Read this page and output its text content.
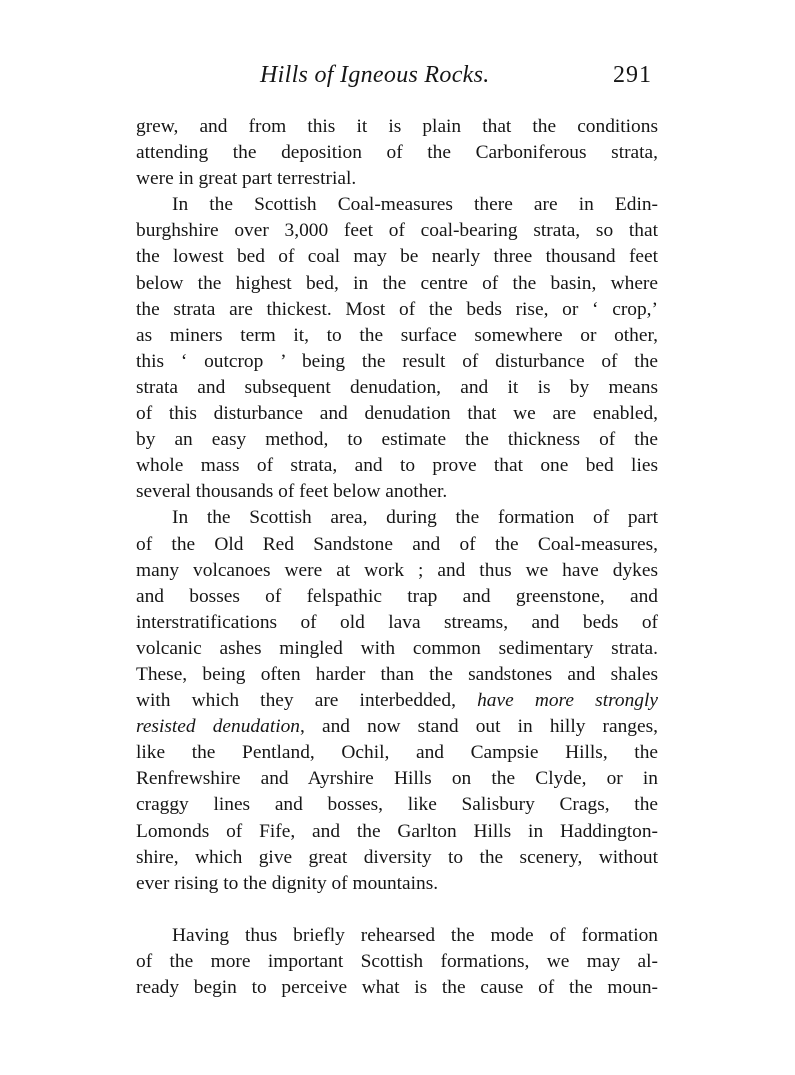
Hills of Igneous Rocks.	291
grew, and from this it is plain that the conditions
attending the deposition of the Carboniferous strata,
were in great part terrestrial.
In the Scottish Coal-measures there are in Edin-
burghshire over 3,000 feet of coal-bearing strata, so that
the lowest bed of coal may be nearly three thousand feet
below the highest bed, in the centre of the basin, where
the strata are thickest. Most of the beds rise, or ‘ crop,’
as miners term it, to the surface somewhere or other,
this ‘ outcrop ’ being the result of disturbance of the
strata and subsequent denudation, and it is by means
of this disturbance and denudation that we are enabled,
by an easy method, to estimate the thickness of the
whole mass of strata, and to prove that one bed lies
several thousands of feet below another.
In the Scottish area, during the formation of part
of the Old Red Sandstone and of the Coal-measures,
many volcanoes were at work ; and thus we have dykes
and bosses of felspathic trap and greenstone, and
interstratifications of old lava streams, and beds of
volcanic ashes mingled with common sedimentary strata.
These, being often harder than the sandstones and shales
with which they are interbedded, have more strongly
resisted denudation, and now stand out in hilly ranges,
like the Pentland, Ochil, and Campsie Hills, the
Renfrewshire and Ayrshire Hills on the Clyde, or in
craggy lines and bosses, like Salisbury Crags, the
Lomonds of Fife, and the Garlton Hills in Haddington-
shire, which give great diversity to the scenery, without
ever rising to the dignity of mountains.
Having thus briefly rehearsed the mode of formation
of the more important Scottish formations, we may al-
ready begin to perceive what is the cause of the moun-
